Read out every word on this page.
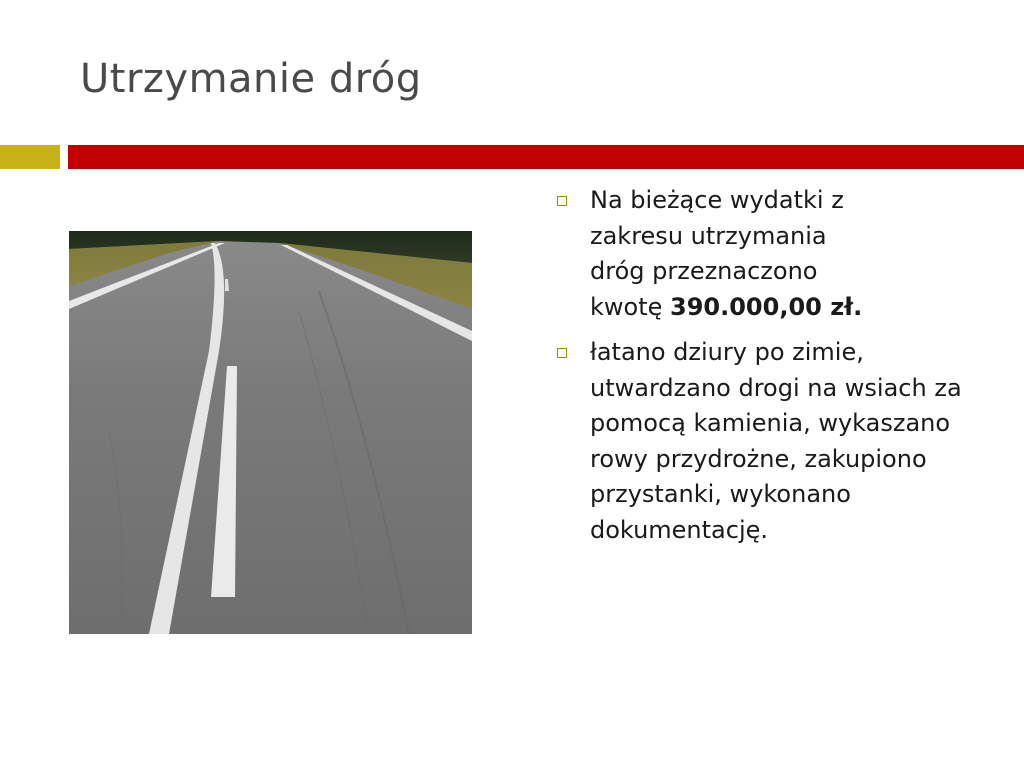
Utrzymanie dróg
Na bieżące wydatki z
zakresu utrzymania
dróg przeznaczono
kwotę 390.000,00 zł.
łatano dziury po zimie, utwardzano drogi na wsiach za pomocą kamienia, wykaszano rowy przydrożne, zakupiono przystanki, wykonano dokumentację.
